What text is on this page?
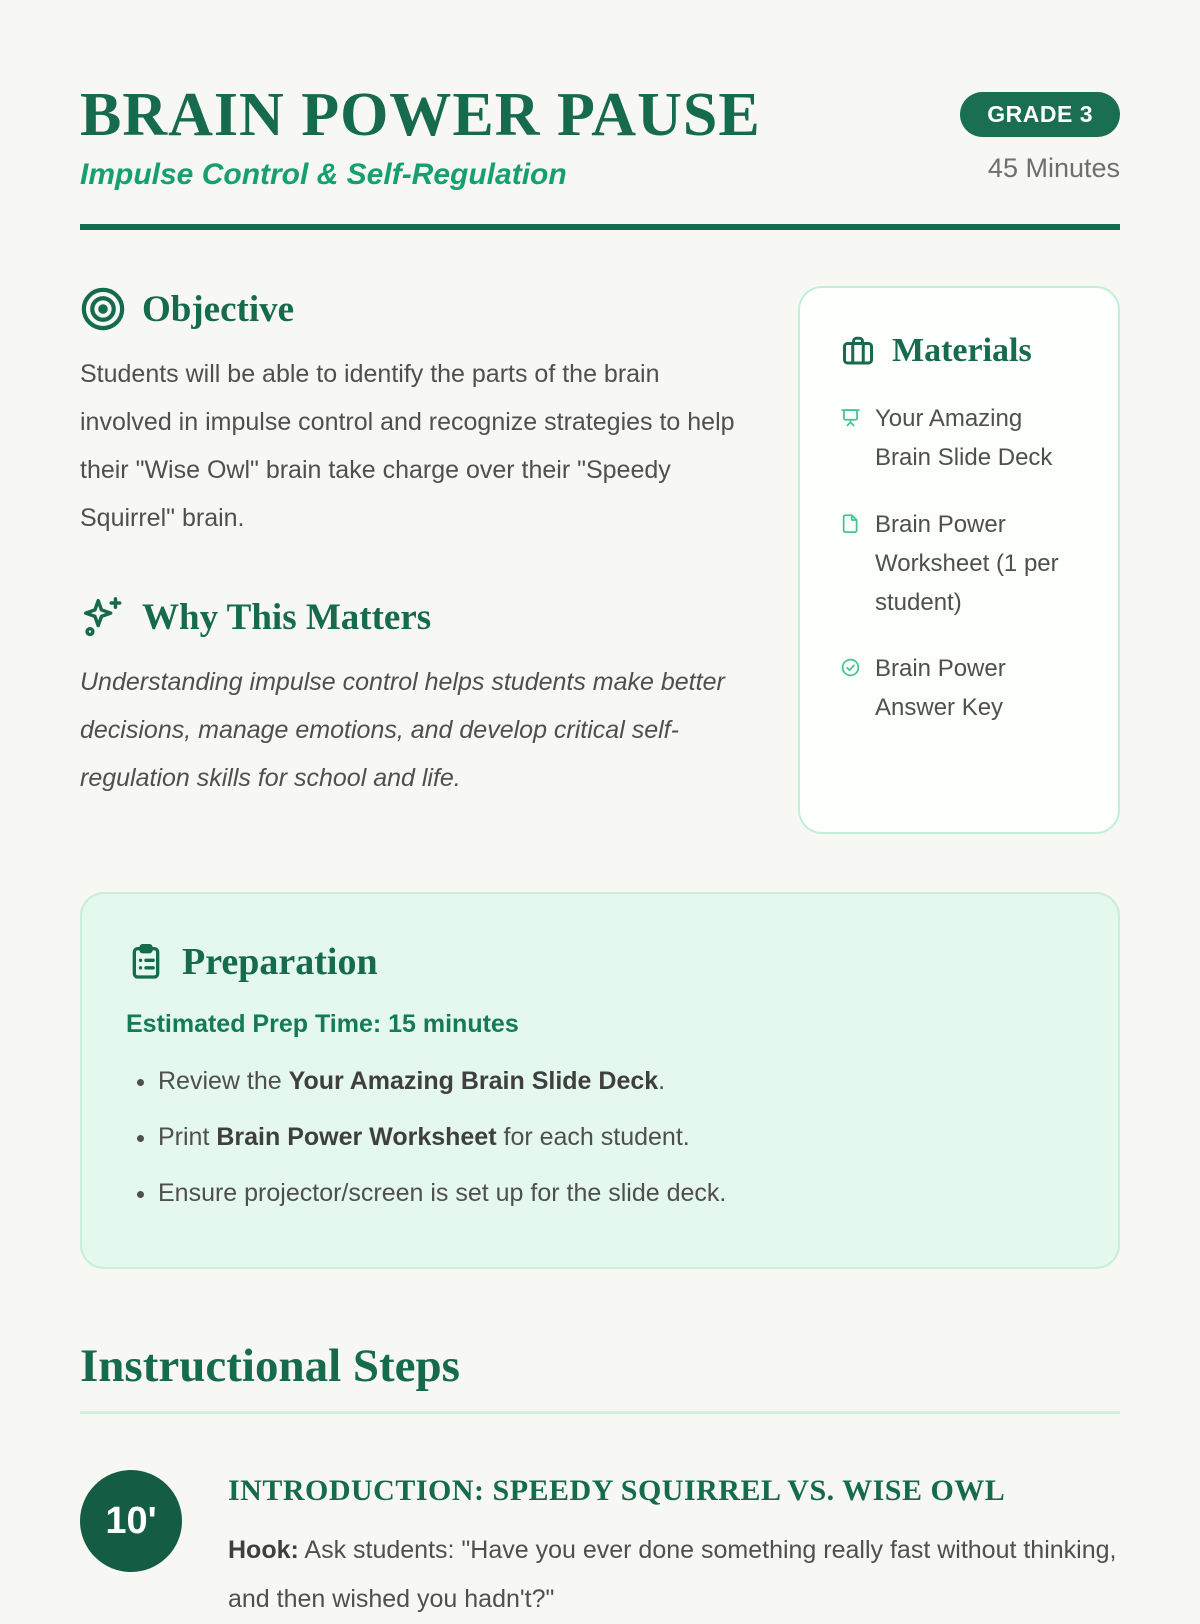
BRAIN POWER PAUSE
Impulse Control & Self-Regulation
GRADE 3
45 Minutes
Objective

Students will be able to identify the parts of the brain involved in impulse control and recognize strategies to help their "Wise Owl" brain take charge over their "Speedy Squirrel" brain.

Why This Matters

Understanding impulse control helps students make better decisions, manage emotions, and develop critical self-regulation skills for school and life.

Materials
Your Amazing Brain Slide Deck
Brain Power Worksheet (1 per student)
Brain Power Answer Key
Preparation
Estimated Prep Time: 15 minutes
• Review the Your Amazing Brain Slide Deck.
• Print Brain Power Worksheet for each student.
• Ensure projector/screen is set up for the slide deck.
Instructional Steps
10'
INTRODUCTION: SPEEDY SQUIRREL VS. WISE OWL

Hook: Ask students: "Have you ever done something really fast without thinking, and then wished you hadn't?"
